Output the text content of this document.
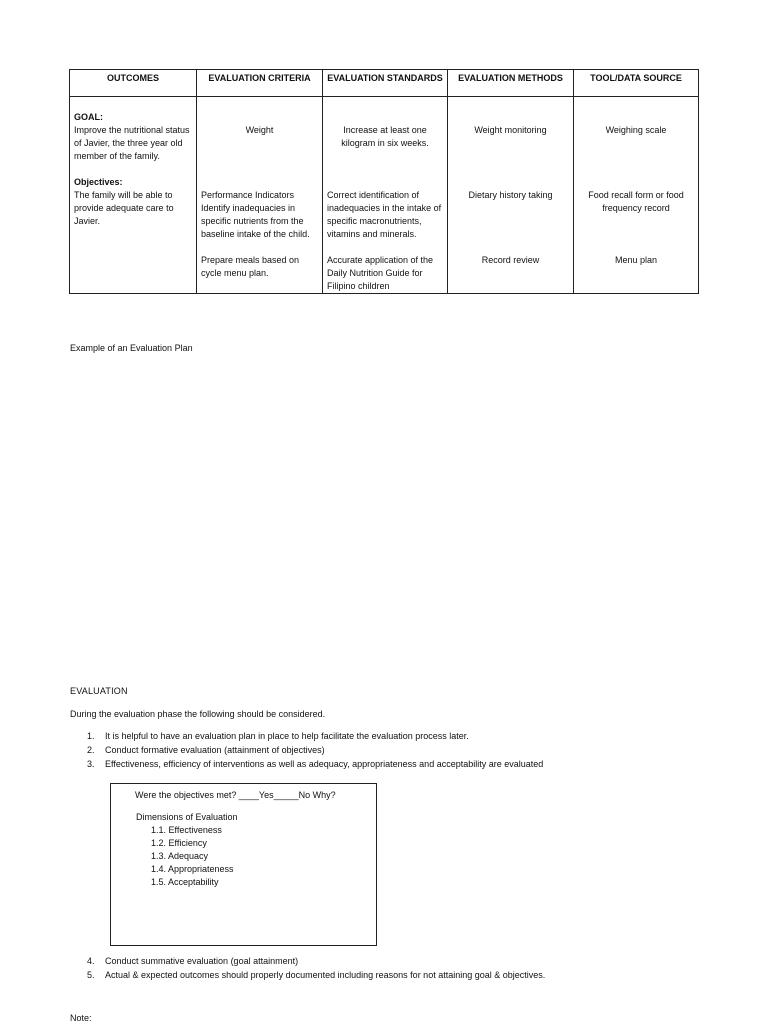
OUTCOMES	EVALUATION CRITERIA	EVALUATION STANDARDS	EVALUATION METHODS	TOOL/DATA SOURCE
GOAL:
Improve the nutritional status of Javier, the three year old member of the family.	Weight	Increase at least one kilogram in six weeks.	Weight monitoring	Weighing scale
Objectives:
The family will be able to provide adequate care to Javier.	Performance Indicators Identify inadequacies in specific nutrients from the baseline intake of the child.	Correct identification of inadequacies in the intake of specific macronutrients, vitamins and minerals.	Dietary history taking	Food recall form or food frequency record
	Prepare meals based on cycle menu plan.	Accurate application of the Daily Nutrition Guide for Filipino children	Record review	Menu plan
Example of an Evaluation Plan
EVALUATION
During the evaluation phase the following should be considered.
1. It is helpful to have an evaluation plan in place to help facilitate the evaluation process later.
2. Conduct formative evaluation (attainment of objectives)
3. Effectiveness, efficiency of interventions as well as adequacy, appropriateness and acceptability are evaluated
Were the objectives met? ____Yes_____No Why?
Dimensions of Evaluation
1.1. Effectiveness
1.2. Efficiency
1.3. Adequacy
1.4. Appropriateness
1.5. Acceptability
4. Conduct summative evaluation (goal attainment)
5. Actual & expected outcomes should properly documented including reasons for not attaining goal & objectives.
Note:
